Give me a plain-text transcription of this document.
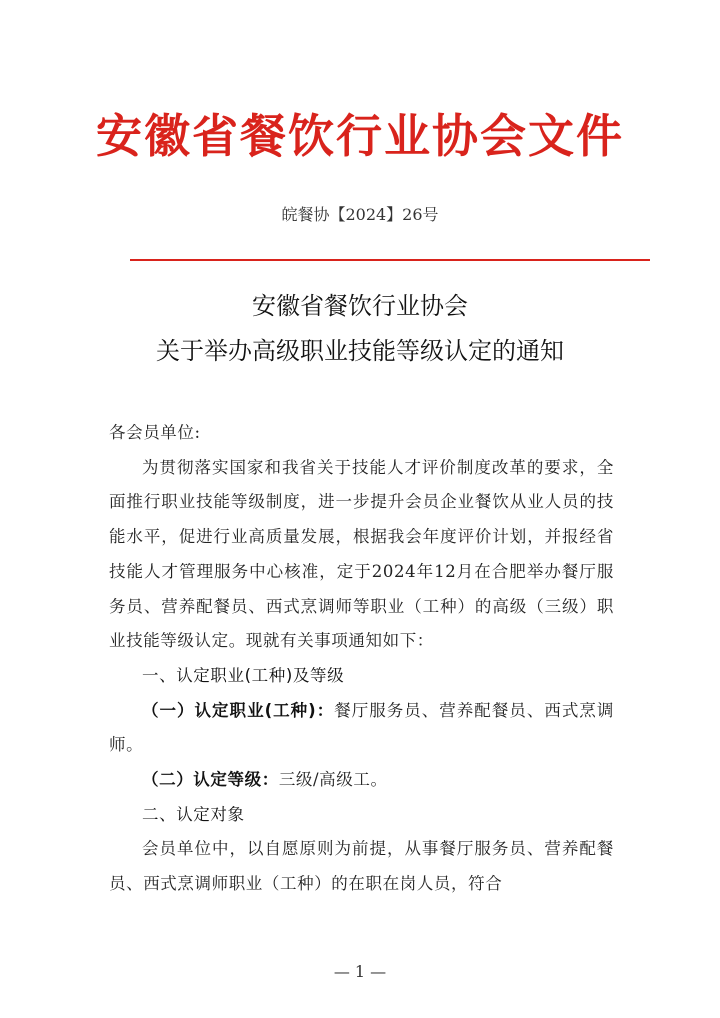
安徽省餐饮行业协会文件
皖餐协【2024】26号
安徽省餐饮行业协会
关于举办高级职业技能等级认定的通知

各会员单位:

为贯彻落实国家和我省关于技能人才评价制度改革的要求，全面推行职业技能等级制度，进一步提升会员企业餐饮从业人员的技能水平，促进行业高质量发展，根据我会年度评价计划，并报经省技能人才管理服务中心核准，定于2024年12月在合肥举办餐厅服务员、营养配餐员、西式烹调师等职业（工种）的高级（三级）职业技能等级认定。现就有关事项通知如下：

一、认定职业(工种)及等级

（一）认定职业(工种)：餐厅服务员、营养配餐员、西式烹调师。

（二）认定等级：三级/高级工。

二、认定对象

会员单位中，以自愿原则为前提，从事餐厅服务员、营养配餐员、西式烹调师职业（工种）的在职在岗人员，符合

— 1 —
